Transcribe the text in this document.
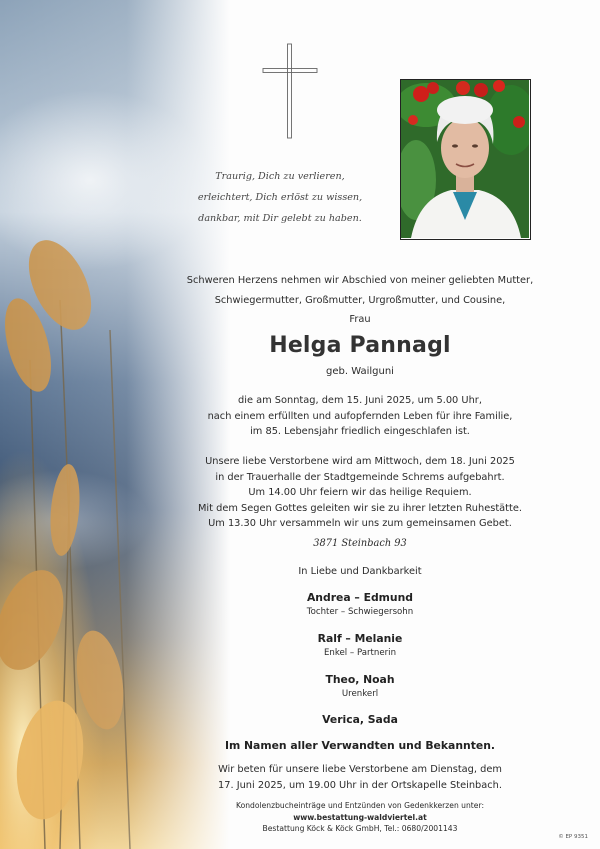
Traurig, Dich zu verlieren,
erleichtert, Dich erlöst zu wissen,
dankbar, mit Dir gelebt zu haben.
Schweren Herzens nehmen wir Abschied von meiner geliebten Mutter,
Schwiegermutter, Großmutter, Urgroßmutter, und Cousine,
Frau
Helga Pannagl
geb. Wailguni
die am Sonntag, dem 15. Juni 2025, um 5.00 Uhr,
nach einem erfüllten und aufopfernden Leben für ihre Familie,
im 85. Lebensjahr friedlich eingeschlafen ist.
Unsere liebe Verstorbene wird am Mittwoch, dem 18. Juni 2025
in der Trauerhalle der Stadtgemeinde Schrems aufgebahrt.
Um 14.00 Uhr feiern wir das heilige Requiem.
Mit dem Segen Gottes geleiten wir sie zu ihrer letzten Ruhestätte.
Um 13.30 Uhr versammeln wir uns zum gemeinsamen Gebet.
3871 Steinbach 93
In Liebe und Dankbarkeit
Andrea – Edmund
Tochter – Schwiegersohn
Ralf – Melanie
Enkel – Partnerin
Theo, Noah
Urenkerl
Verica, Sada
Im Namen aller Verwandten und Bekannten.
Wir beten für unsere liebe Verstorbene am Dienstag, dem
17. Juni 2025, um 19.00 Uhr in der Ortskapelle Steinbach.
Kondolenzbucheinträge und Entzünden von Gedenkkerzen unter:
www.bestattung-waldviertel.at
Bestattung Köck & Köck GmbH, Tel.: 0680/2001143
© EP 9351
